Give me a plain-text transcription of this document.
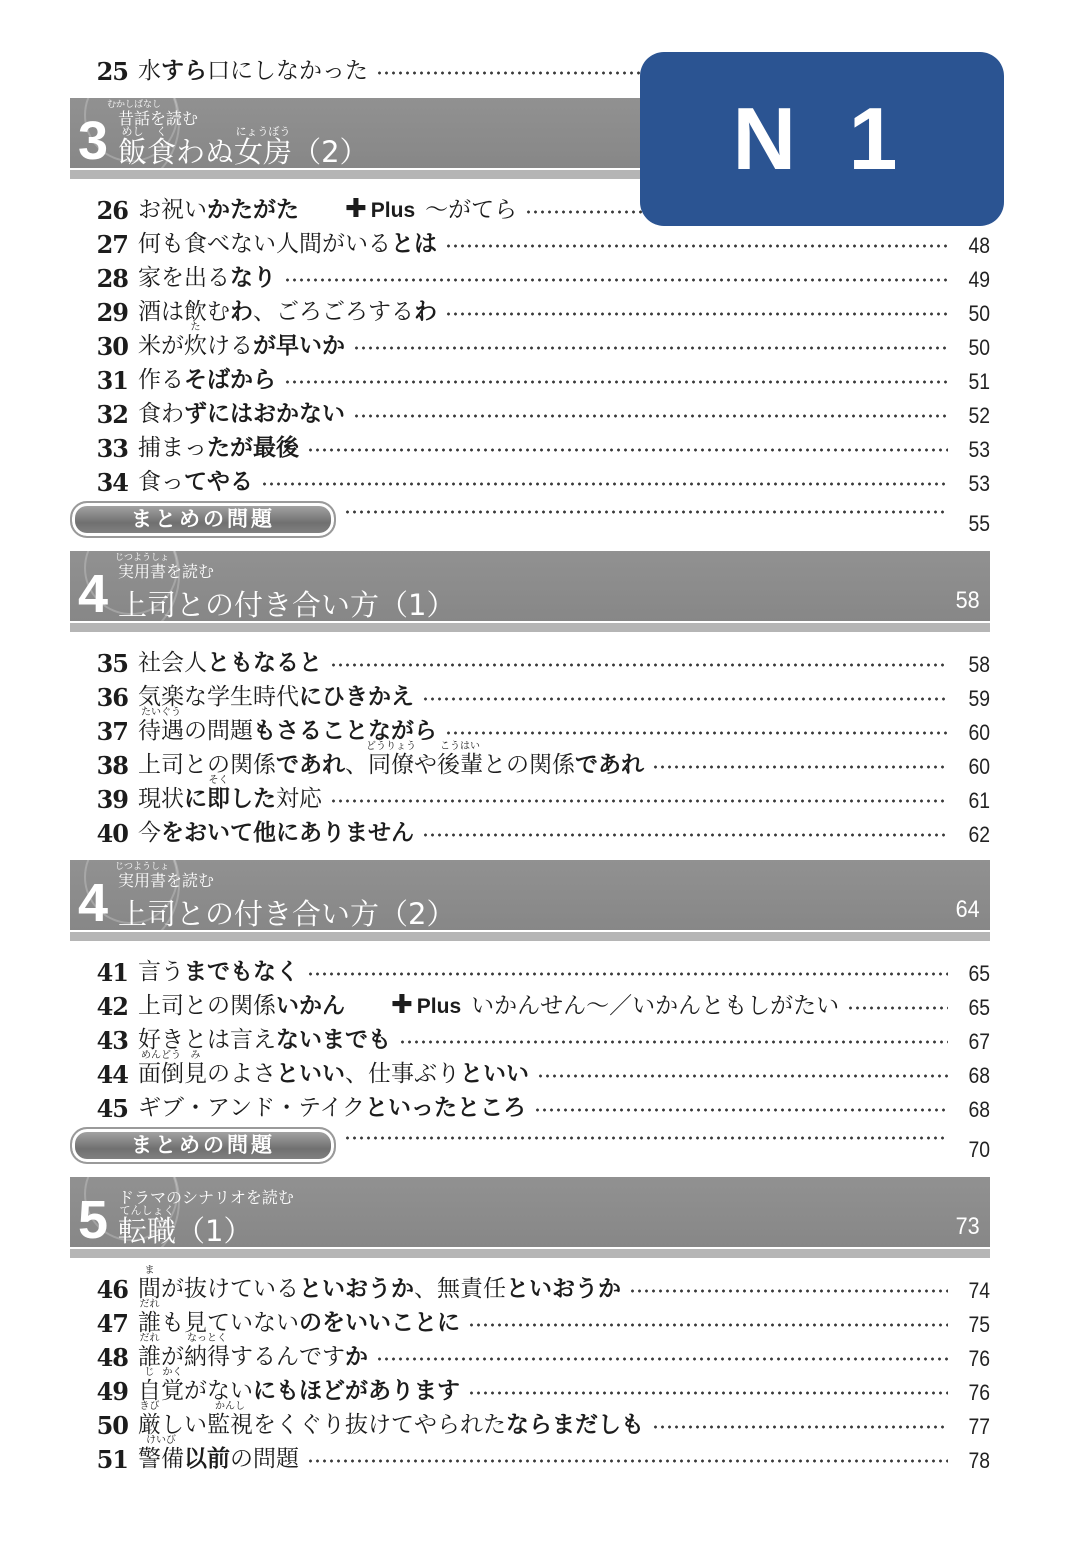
25 水すら口にしなかった
3
むかしばなし
昔話を読む
めし
飯
く
食わぬ
にょうぼう
女房（2）
26 お祝いかたがた ✚ Plus 〜がてら
27 何も食べない人間がいるとは	48
28 家を出るなり	49
29 酒は飲むわ、ごろごろするわ	50
30 米が
た
炊けるが早いか	50
31 作るそばから	51
32 食わずにはおかない	52
33 捕まったが最後	53
34 食ってやる	53
まとめの問題	55
4
じつようしょ
実用書を読む
上司との付き合い方（1）	58
35 社会人ともなると	58
36 気楽な学生時代にひきかえ	59
37
たいぐう
待遇の問題もさることながら	60
38 上司との関係であれ、
どうりょう
同僚や
こうはい
後輩との関係であれ	60
39 現状に
そく
即した対応	61
40 今をおいて他にありません	62
4
じつようしょ
実用書を読む
上司との付き合い方（2）	64
41 言うまでもなく	65
42 上司との関係いかん ✚ Plus いかんせん〜／いかんともしがたい	65
43 好きとは言えないまでも	67
44
めんどう
面倒
み
見のよさといい、仕事ぶりといい	68
45 ギブ・アンド・テイクといったところ	68
まとめの問題	70
5 ドラマのシナリオを読む
てんしょく
転職（1）	73
46
ま
間が抜けているといおうか、無責任といおうか	74
47
だれ
誰も見ていないのをいいことに	75
48
だれ
誰が
なっとく
納得するんですか	76
49
じ
自
かく
覚がないにもほどがあります	76
50
きび
厳しい
かんし
監視をくぐり抜けてやられたならまだしも	77
51
けいび
警備以前の問題	78
N 1
